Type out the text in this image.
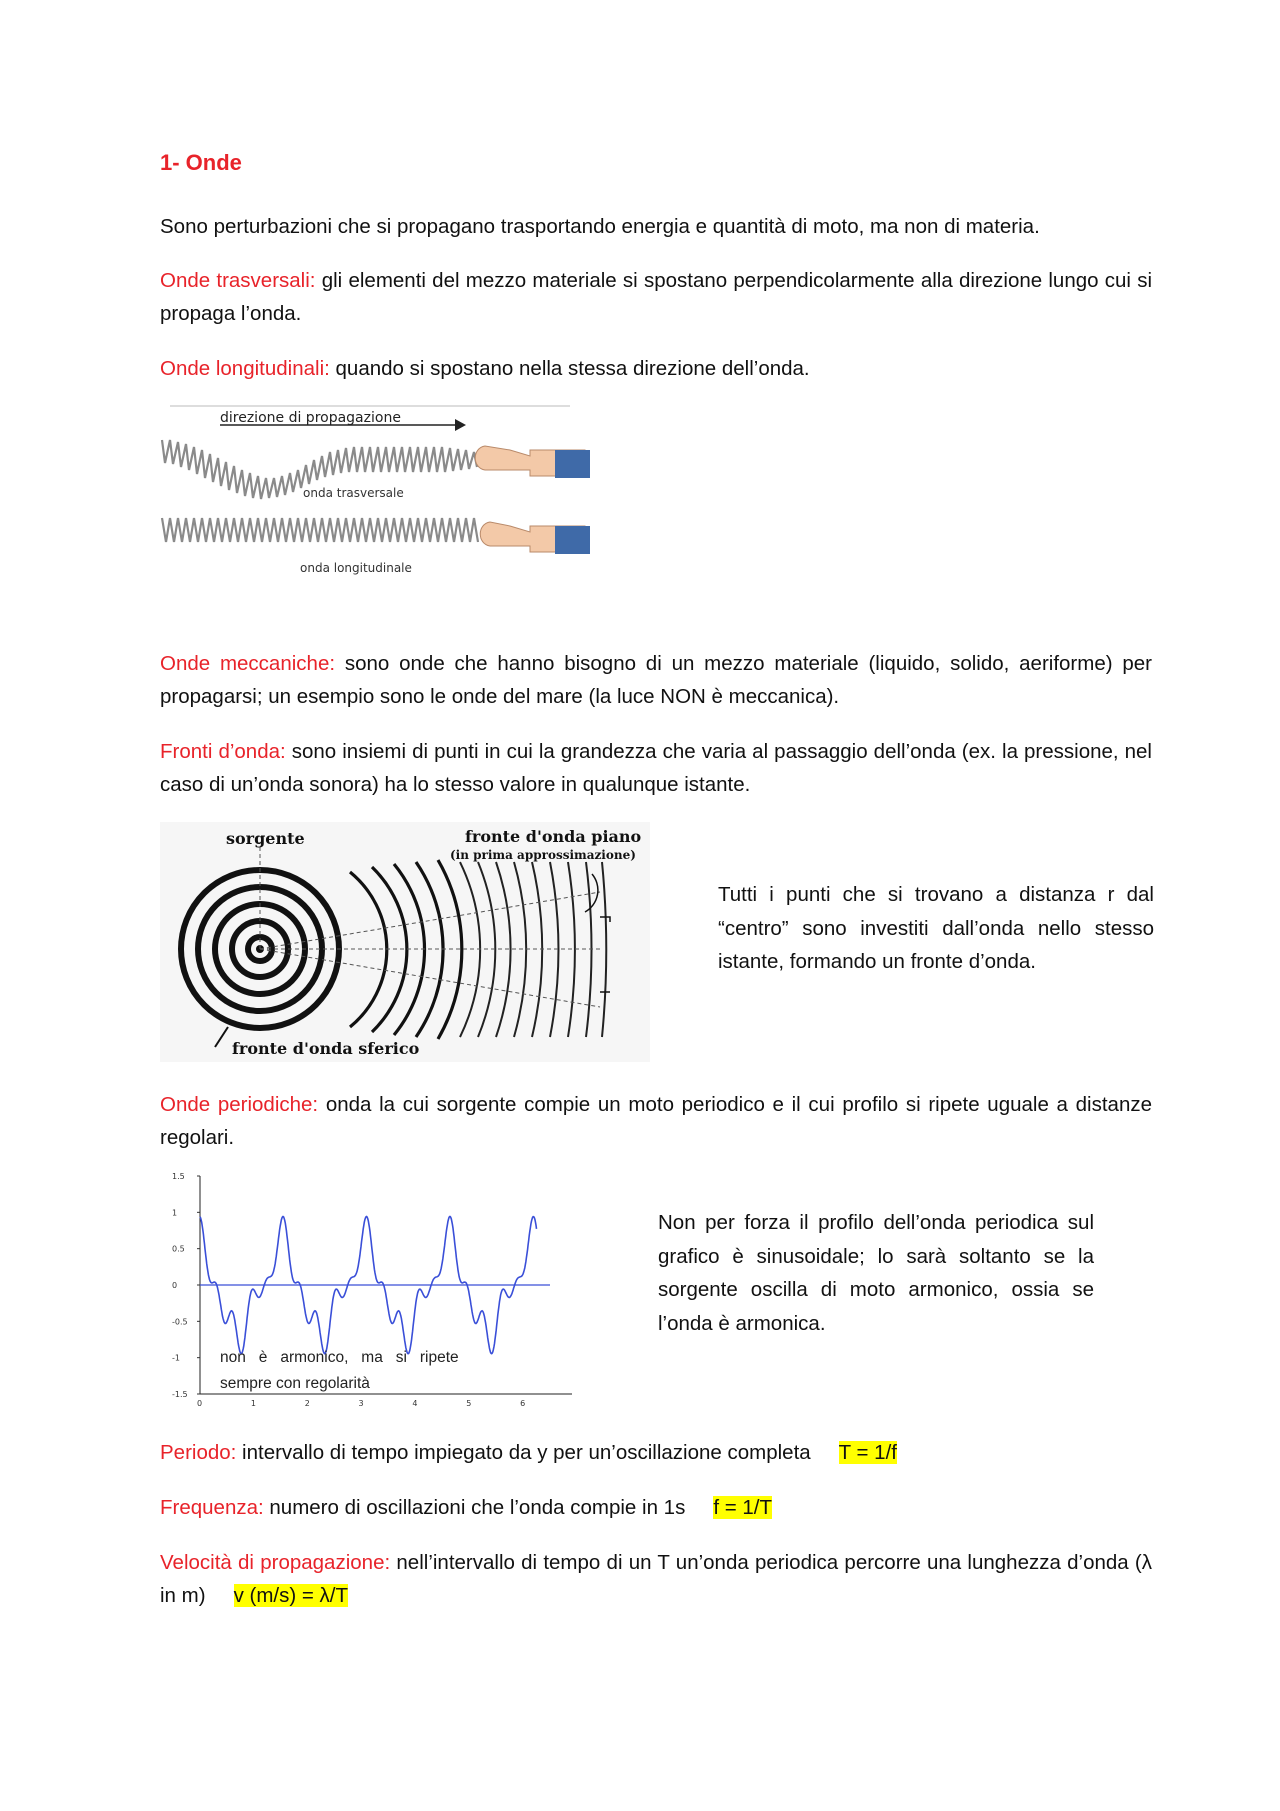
1- Onde

Sono perturbazioni che si propagano trasportando energia e quantità di moto, ma non di materia.

Onde trasversali: gli elementi del mezzo materiale si spostano perpendicolarmente alla direzione lungo cui si propaga l’onda.

Onde longitudinali: quando si spostano nella stessa direzione dell’onda.

direzione di propagazione
onda trasversale
onda longitudinale

Onde meccaniche: sono onde che hanno bisogno di un mezzo materiale (liquido, solido, aeriforme) per propagarsi; un esempio sono le onde del mare (la luce NON è meccanica).

Fronti d’onda: sono insiemi di punti in cui la grandezza che varia al passaggio dell’onda (ex. la pressione, nel caso di un’onda sonora) ha lo stesso valore in qualunque istante.

sorgente	fronte d'onda piano
(in prima approssimazione)
fronte d'onda sferico

Tutti i punti che si trovano a distanza r dal “centro” sono investiti dall’onda nello stesso istante, formando un fronte d’onda.

Onde periodiche: onda la cui sorgente compie un moto periodico e il cui profilo si ripete uguale a distanze regolari.

1.5
1
0.5
0
-0.5
-1
-1.5
0	1	2	3	4	5	6
non   è   armonico,   ma   si   ripete
sempre con regolarità

Non per forza il profilo dell’onda periodica sul grafico è sinusoidale; lo sarà soltanto se la sorgente oscilla di moto armonico, ossia se l’onda è armonica.

Periodo: intervallo di tempo impiegato da y per un’oscillazione completa T = 1/f

Frequenza: numero di oscillazioni che l’onda compie in 1s f = 1/T

Velocità di propagazione: nell’intervallo di tempo di un T un’onda periodica percorre una lunghezza d’onda (λ in m) v (m/s) = λ/T
